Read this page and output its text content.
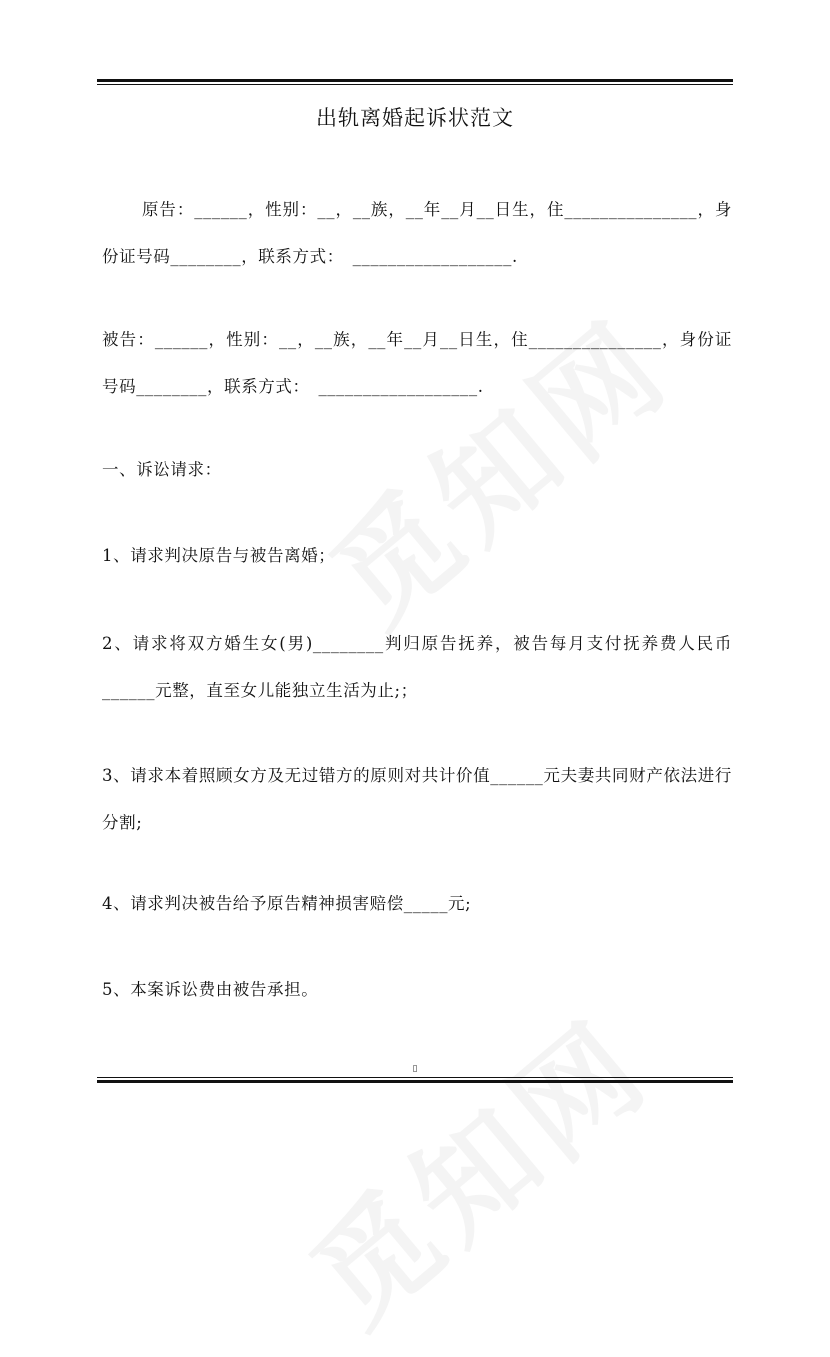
出轨离婚起诉状范文

原告：______，性别：__，__族，__年__月__日生，住_______________，身份证号码________，联系方式：　__________________.

被告：______，性别：__，__族，__年__月__日生，住_______________，身份证号码________，联系方式：　__________________.

一、诉讼请求：

1、请求判决原告与被告离婚；

2、请求将双方婚生女(男)________判归原告抚养，被告每月支付抚养费人民币______元整，直至女儿能独立生活为止;；

3、请求本着照顾女方及无过错方的原则对共计价值______元夫妻共同财产依法进行分割;

4、请求判决被告给予原告精神损害赔偿_____元;

5、本案诉讼费由被告承担。

▯
